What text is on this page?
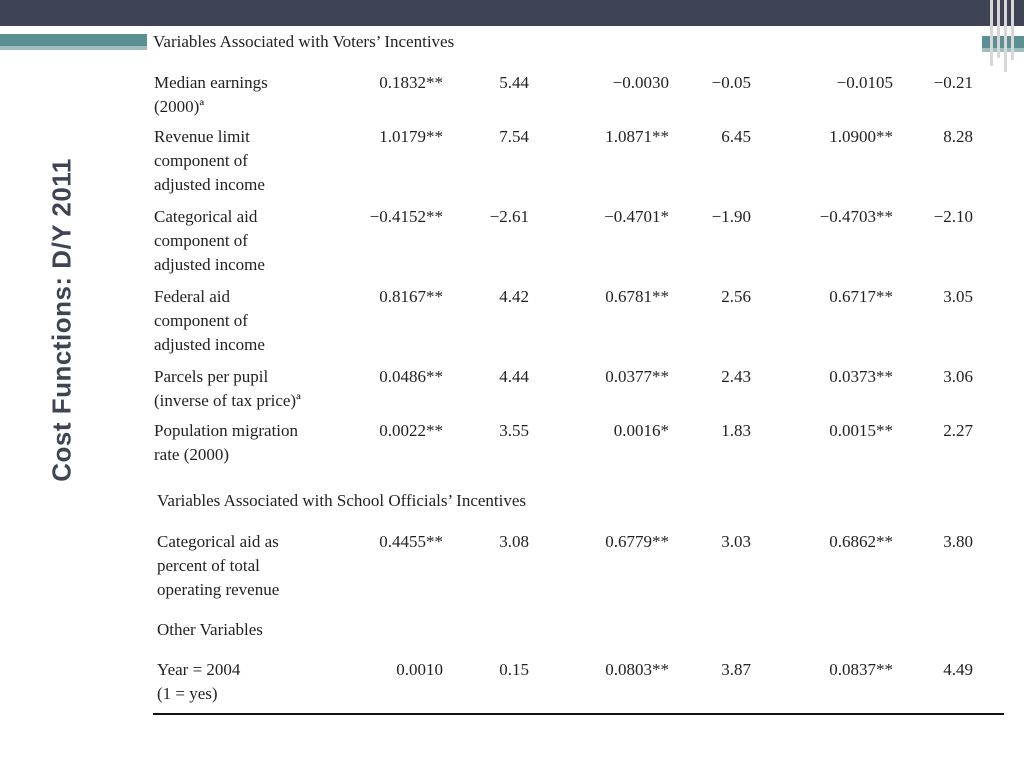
Cost Functions: D/Y 2011
Variables Associated with Voters’ Incentives
Median earnings
(2000)ª
0.1832**	5.44	−0.0030	−0.05	−0.0105	−0.21
Revenue limit
component of
adjusted income
1.0179**	7.54	1.0871**	6.45	1.0900**	8.28
Categorical aid
component of
adjusted income
−0.4152**	−2.61	−0.4701*	−1.90	−0.4703**	−2.10
Federal aid
component of
adjusted income
0.8167**	4.42	0.6781**	2.56	0.6717**	3.05
Parcels per pupil
(inverse of tax price)ª
0.0486**	4.44	0.0377**	2.43	0.0373**	3.06
Population migration
rate (2000)
0.0022**	3.55	0.0016*	1.83	0.0015**	2.27
Variables Associated with School Officials’ Incentives
Categorical aid as
percent of total
operating revenue
0.4455**	3.08	0.6779**	3.03	0.6862**	3.80
Other Variables
Year = 2004
(1 = yes)
0.0010	0.15	0.0803**	3.87	0.0837**	4.49
